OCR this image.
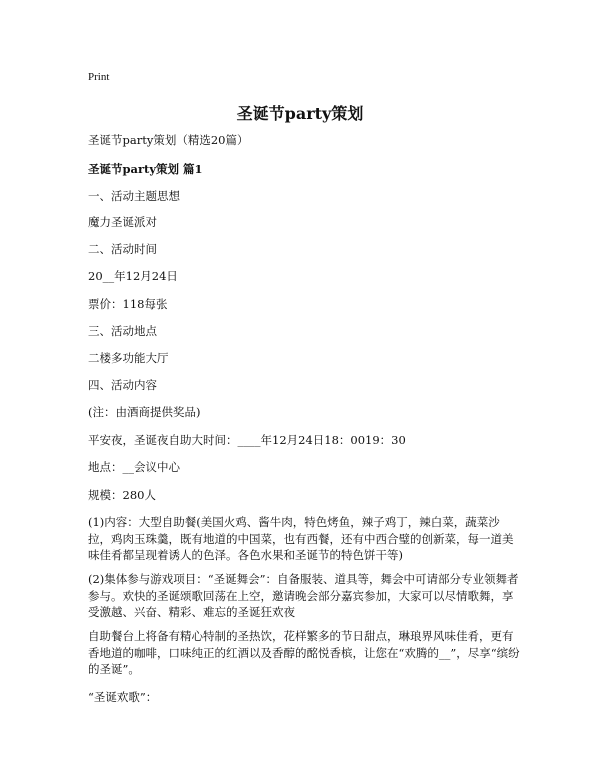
Print
圣诞节party策划
圣诞节party策划（精选20篇）
圣诞节party策划 篇1
一、活动主题思想
魔力圣诞派对
二、活动时间
20__年12月24日
票价：118每张
三、活动地点
二楼多功能大厅
四、活动内容
(注：由酒商提供奖品)
平安夜，圣诞夜自助大时间：____年12月24日18：0019：30
地点：__会议中心
规模：280人
(1)内容：大型自助餐(美国火鸡、酱牛肉，特色烤鱼，辣子鸡丁，辣白菜，蔬菜沙拉，鸡肉玉珠羹，既有地道的中国菜，也有西餐，还有中西合璧的创新菜，每一道美味佳肴都呈现着诱人的色泽。各色水果和圣诞节的特色饼干等)
(2)集体参与游戏项目：“圣诞舞会”：自备服装、道具等，舞会中可请部分专业领舞者参与。欢快的圣诞颂歌回荡在上空，邀请晚会部分嘉宾参加，大家可以尽情歌舞，享受激越、兴奋、精彩、难忘的圣诞狂欢夜
自助餐台上将备有精心特制的圣热饮，花样繁多的节日甜点，琳琅界风味佳肴，更有香地道的咖啡，口味纯正的红酒以及香醇的酩悦香槟，让您在“欢腾的__”，尽享“缤纷的圣诞”。
“圣诞欢歌”：
